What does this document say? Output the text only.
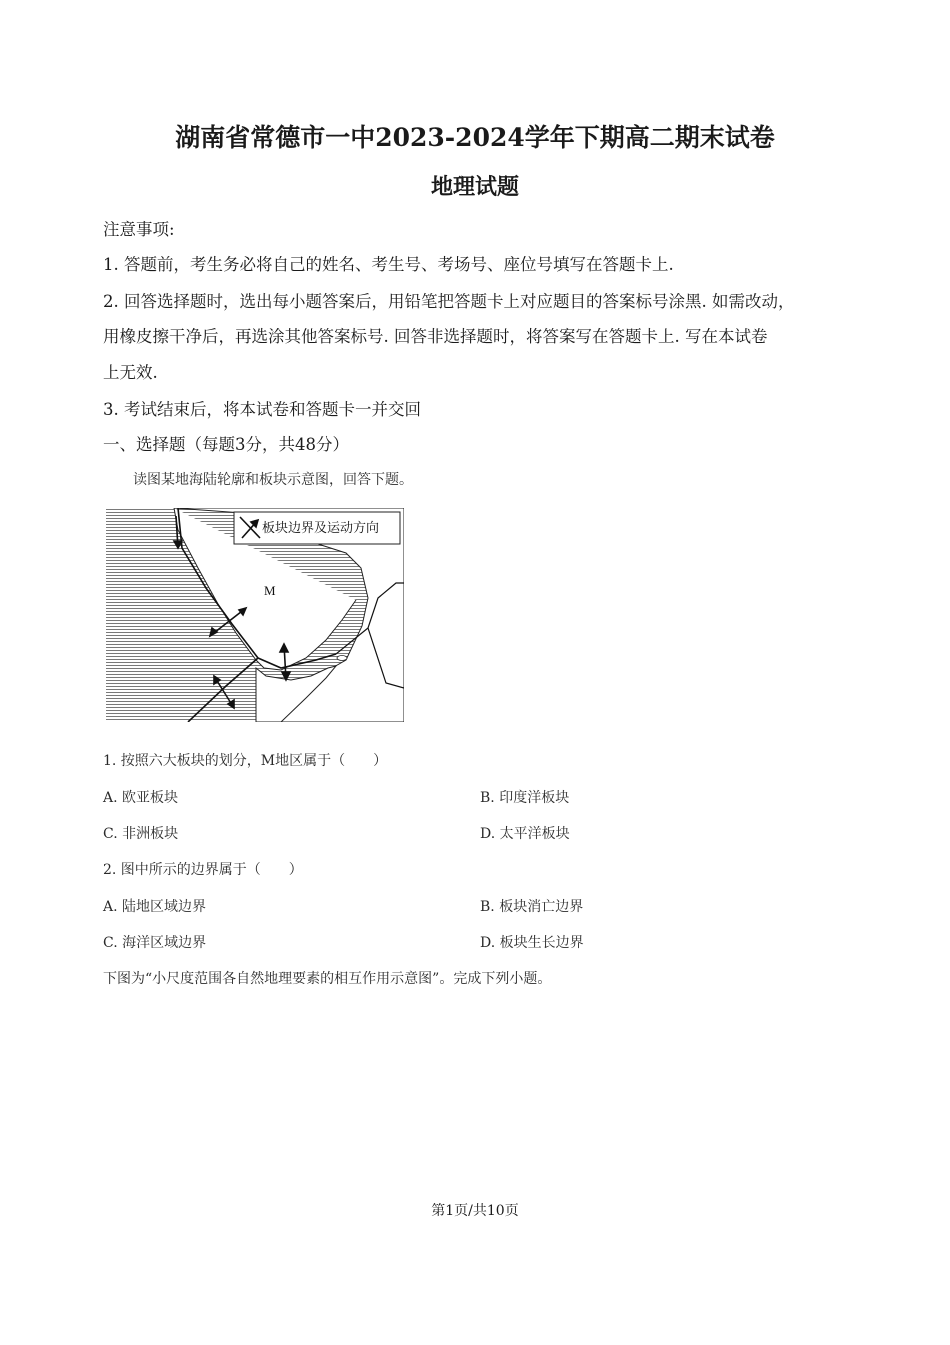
湖南省常德市一中2023-2024学年下期高二期末试卷
地理试题
注意事项:
1. 答题前，考生务必将自己的姓名、考生号、考场号、座位号填写在答题卡上.
2. 回答选择题时，选出每小题答案后，用铅笔把答题卡上对应题目的答案标号涂黑. 如需改动，
用橡皮擦干净后，再选涂其他答案标号. 回答非选择题时，将答案写在答题卡上. 写在本试卷
上无效.
3. 考试结束后，将本试卷和答题卡一并交回
一、选择题（每题3分，共48分）
读图某地海陆轮廓和板块示意图，回答下题。
板块边界及运动方向
M
1. 按照六大板块的划分，M地区属于（　　）
A. 欧亚板块	B. 印度洋板块
C. 非洲板块	D. 太平洋板块
2. 图中所示的边界属于（　　）
A. 陆地区域边界	B. 板块消亡边界
C. 海洋区域边界	D. 板块生长边界
下图为“小尺度范围各自然地理要素的相互作用示意图”。完成下列小题。
第1页/共10页
